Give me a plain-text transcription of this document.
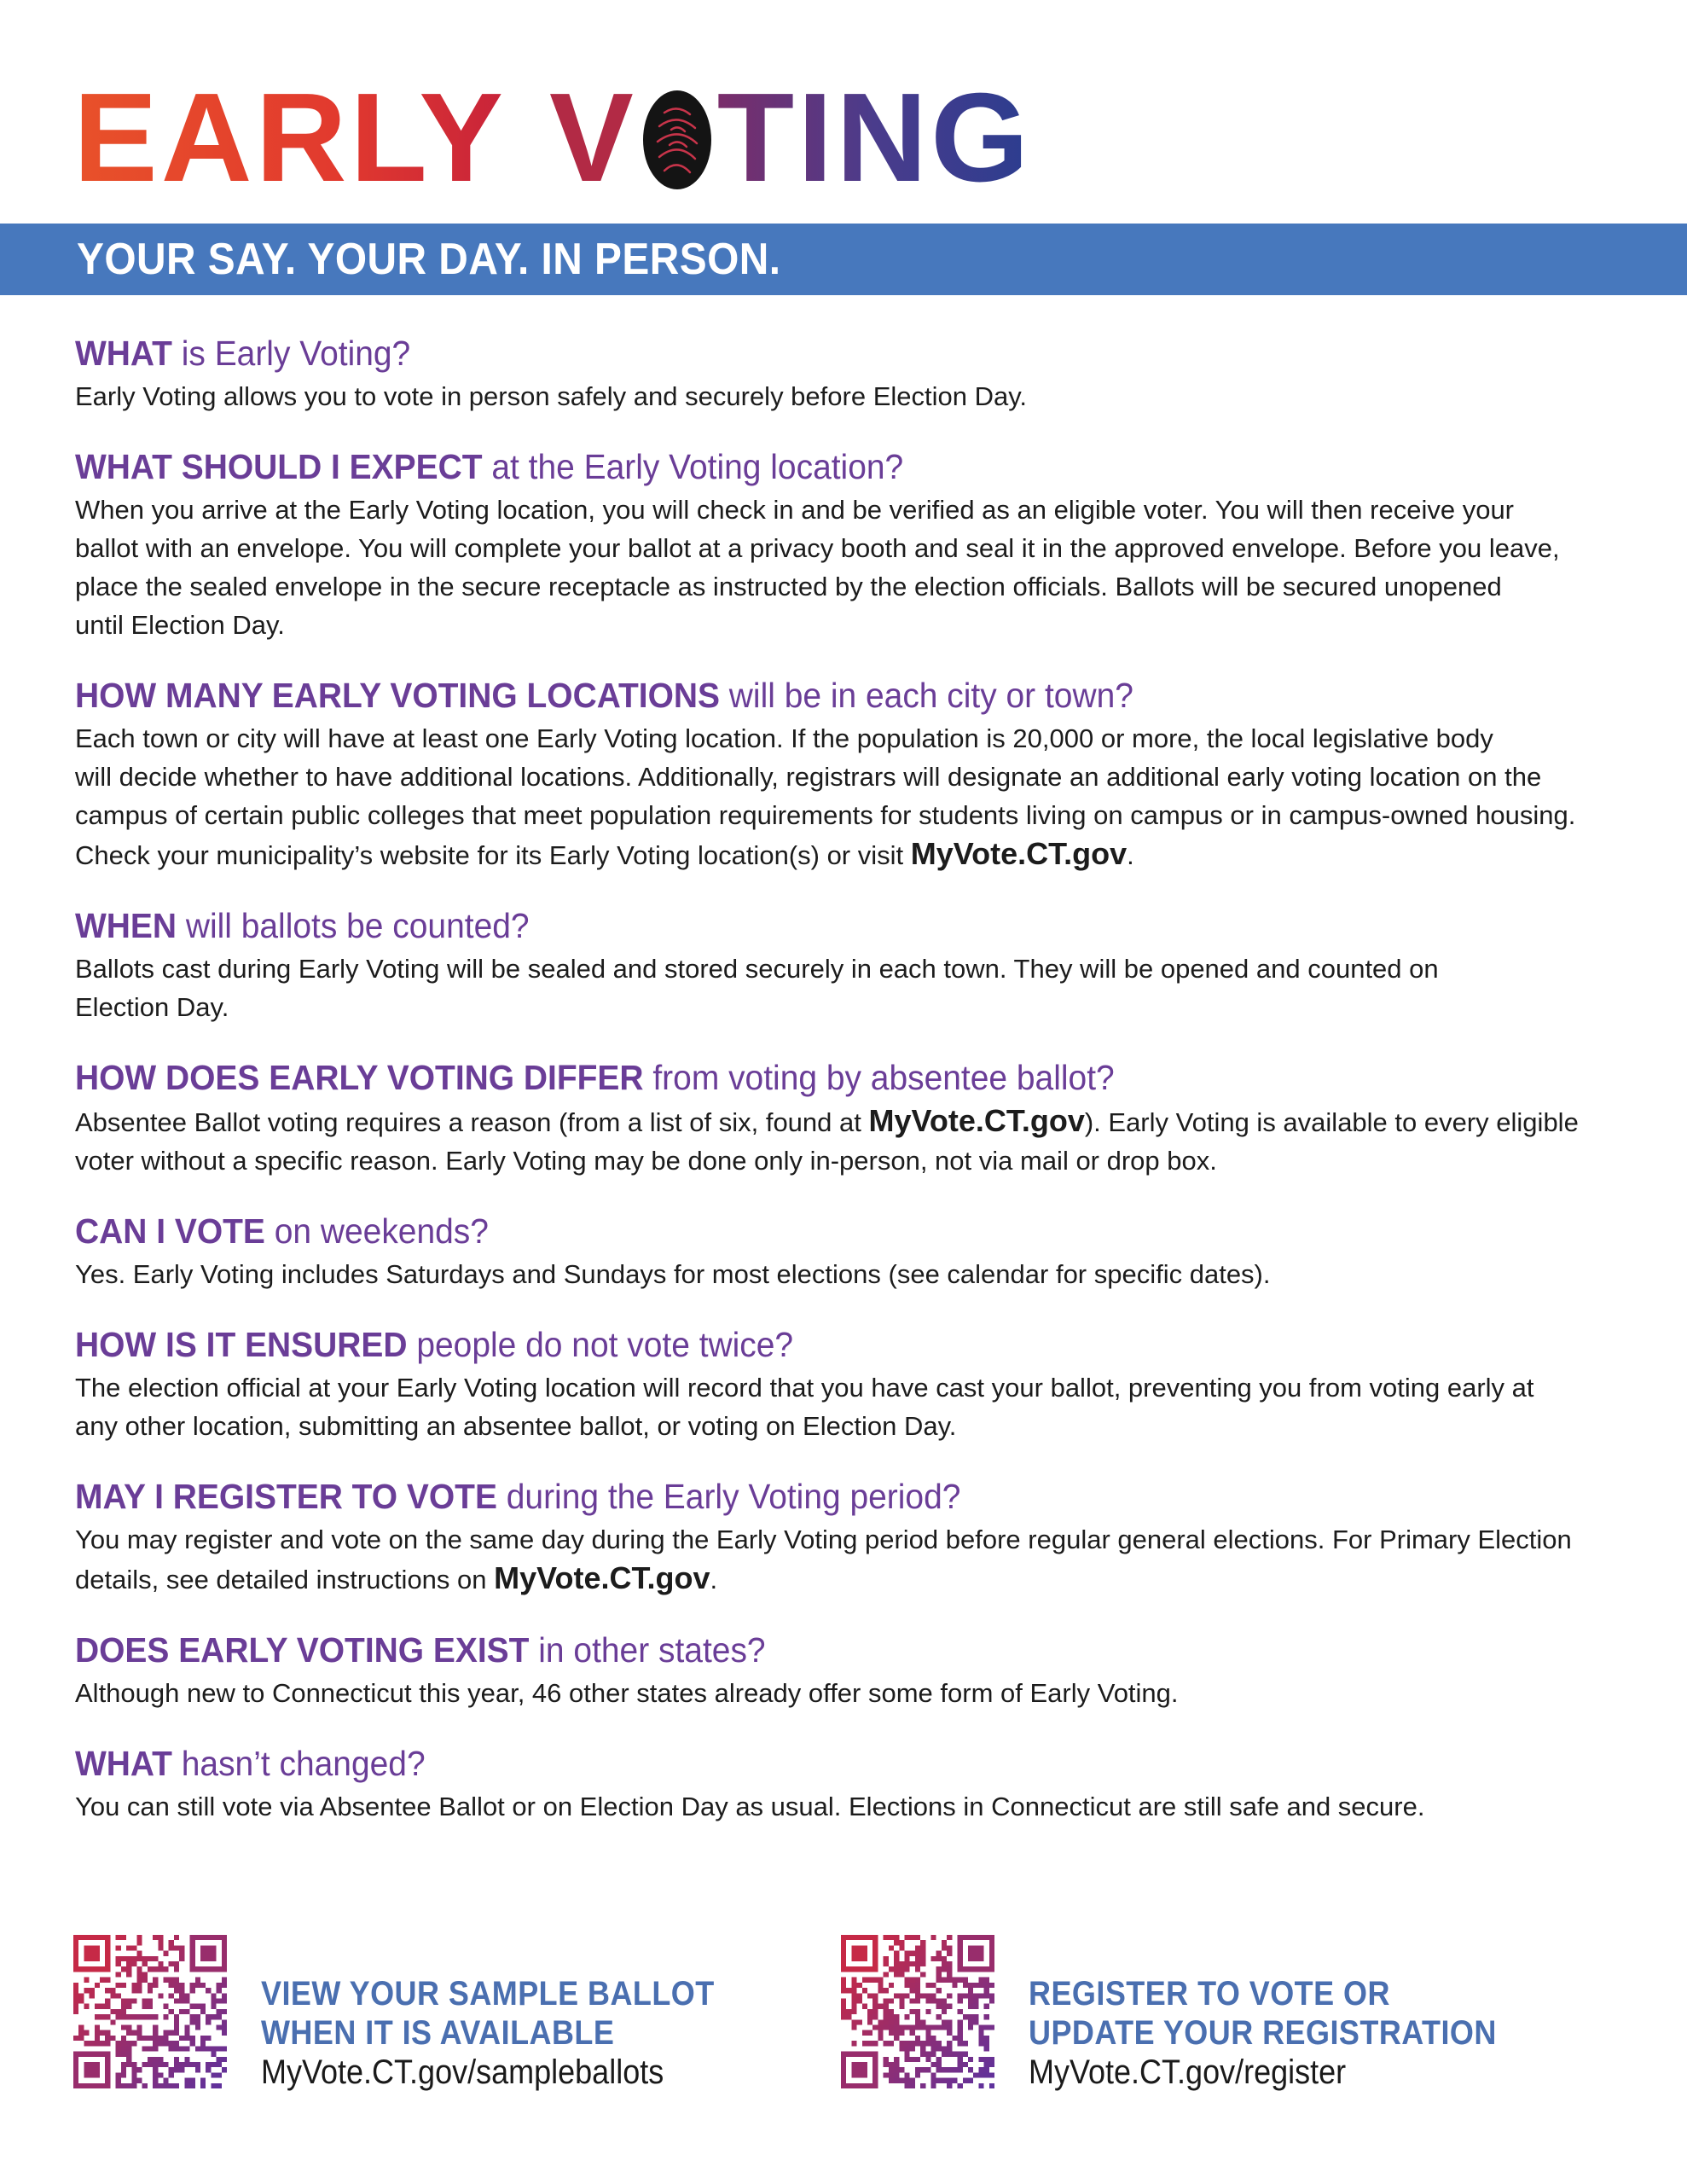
EARLY V TING
YOUR SAY. YOUR DAY. IN PERSON.
WHAT is Early Voting?
Early Voting allows you to vote in person safely and securely before Election Day.
WHAT SHOULD I EXPECT at the Early Voting location?
When you arrive at the Early Voting location, you will check in and be verified as an eligible voter. You will then receive your
ballot with an envelope. You will complete your ballot at a privacy booth and seal it in the approved envelope. Before you leave,
place the sealed envelope in the secure receptacle as instructed by the election officials. Ballots will be secured unopened
until Election Day.
HOW MANY EARLY VOTING LOCATIONS will be in each city or town?
Each town or city will have at least one Early Voting location. If the population is 20,000 or more, the local legislative body
will decide whether to have additional locations. Additionally, registrars will designate an additional early voting location on the
campus of certain public colleges that meet population requirements for students living on campus or in campus-owned housing.
Check your municipality’s website for its Early Voting location(s) or visit MyVote.CT.gov.
WHEN will ballots be counted?
Ballots cast during Early Voting will be sealed and stored securely in each town. They will be opened and counted on
Election Day.
HOW DOES EARLY VOTING DIFFER from voting by absentee ballot?
Absentee Ballot voting requires a reason (from a list of six, found at MyVote.CT.gov). Early Voting is available to every eligible
voter without a specific reason. Early Voting may be done only in-person, not via mail or drop box.
CAN I VOTE on weekends?
Yes. Early Voting includes Saturdays and Sundays for most elections (see calendar for specific dates).
HOW IS IT ENSURED people do not vote twice?
The election official at your Early Voting location will record that you have cast your ballot, preventing you from voting early at
any other location, submitting an absentee ballot, or voting on Election Day.
MAY I REGISTER TO VOTE during the Early Voting period?
You may register and vote on the same day during the Early Voting period before regular general elections. For Primary Election
details, see detailed instructions on MyVote.CT.gov.
DOES EARLY VOTING EXIST in other states?
Although new to Connecticut this year, 46 other states already offer some form of Early Voting.
WHAT hasn’t changed?
You can still vote via Absentee Ballot or on Election Day as usual. Elections in Connecticut are still safe and secure.
VIEW YOUR SAMPLE BALLOT
WHEN IT IS AVAILABLE
MyVote.CT.gov/sampleballots
REGISTER TO VOTE OR
UPDATE YOUR REGISTRATION
MyVote.CT.gov/register
